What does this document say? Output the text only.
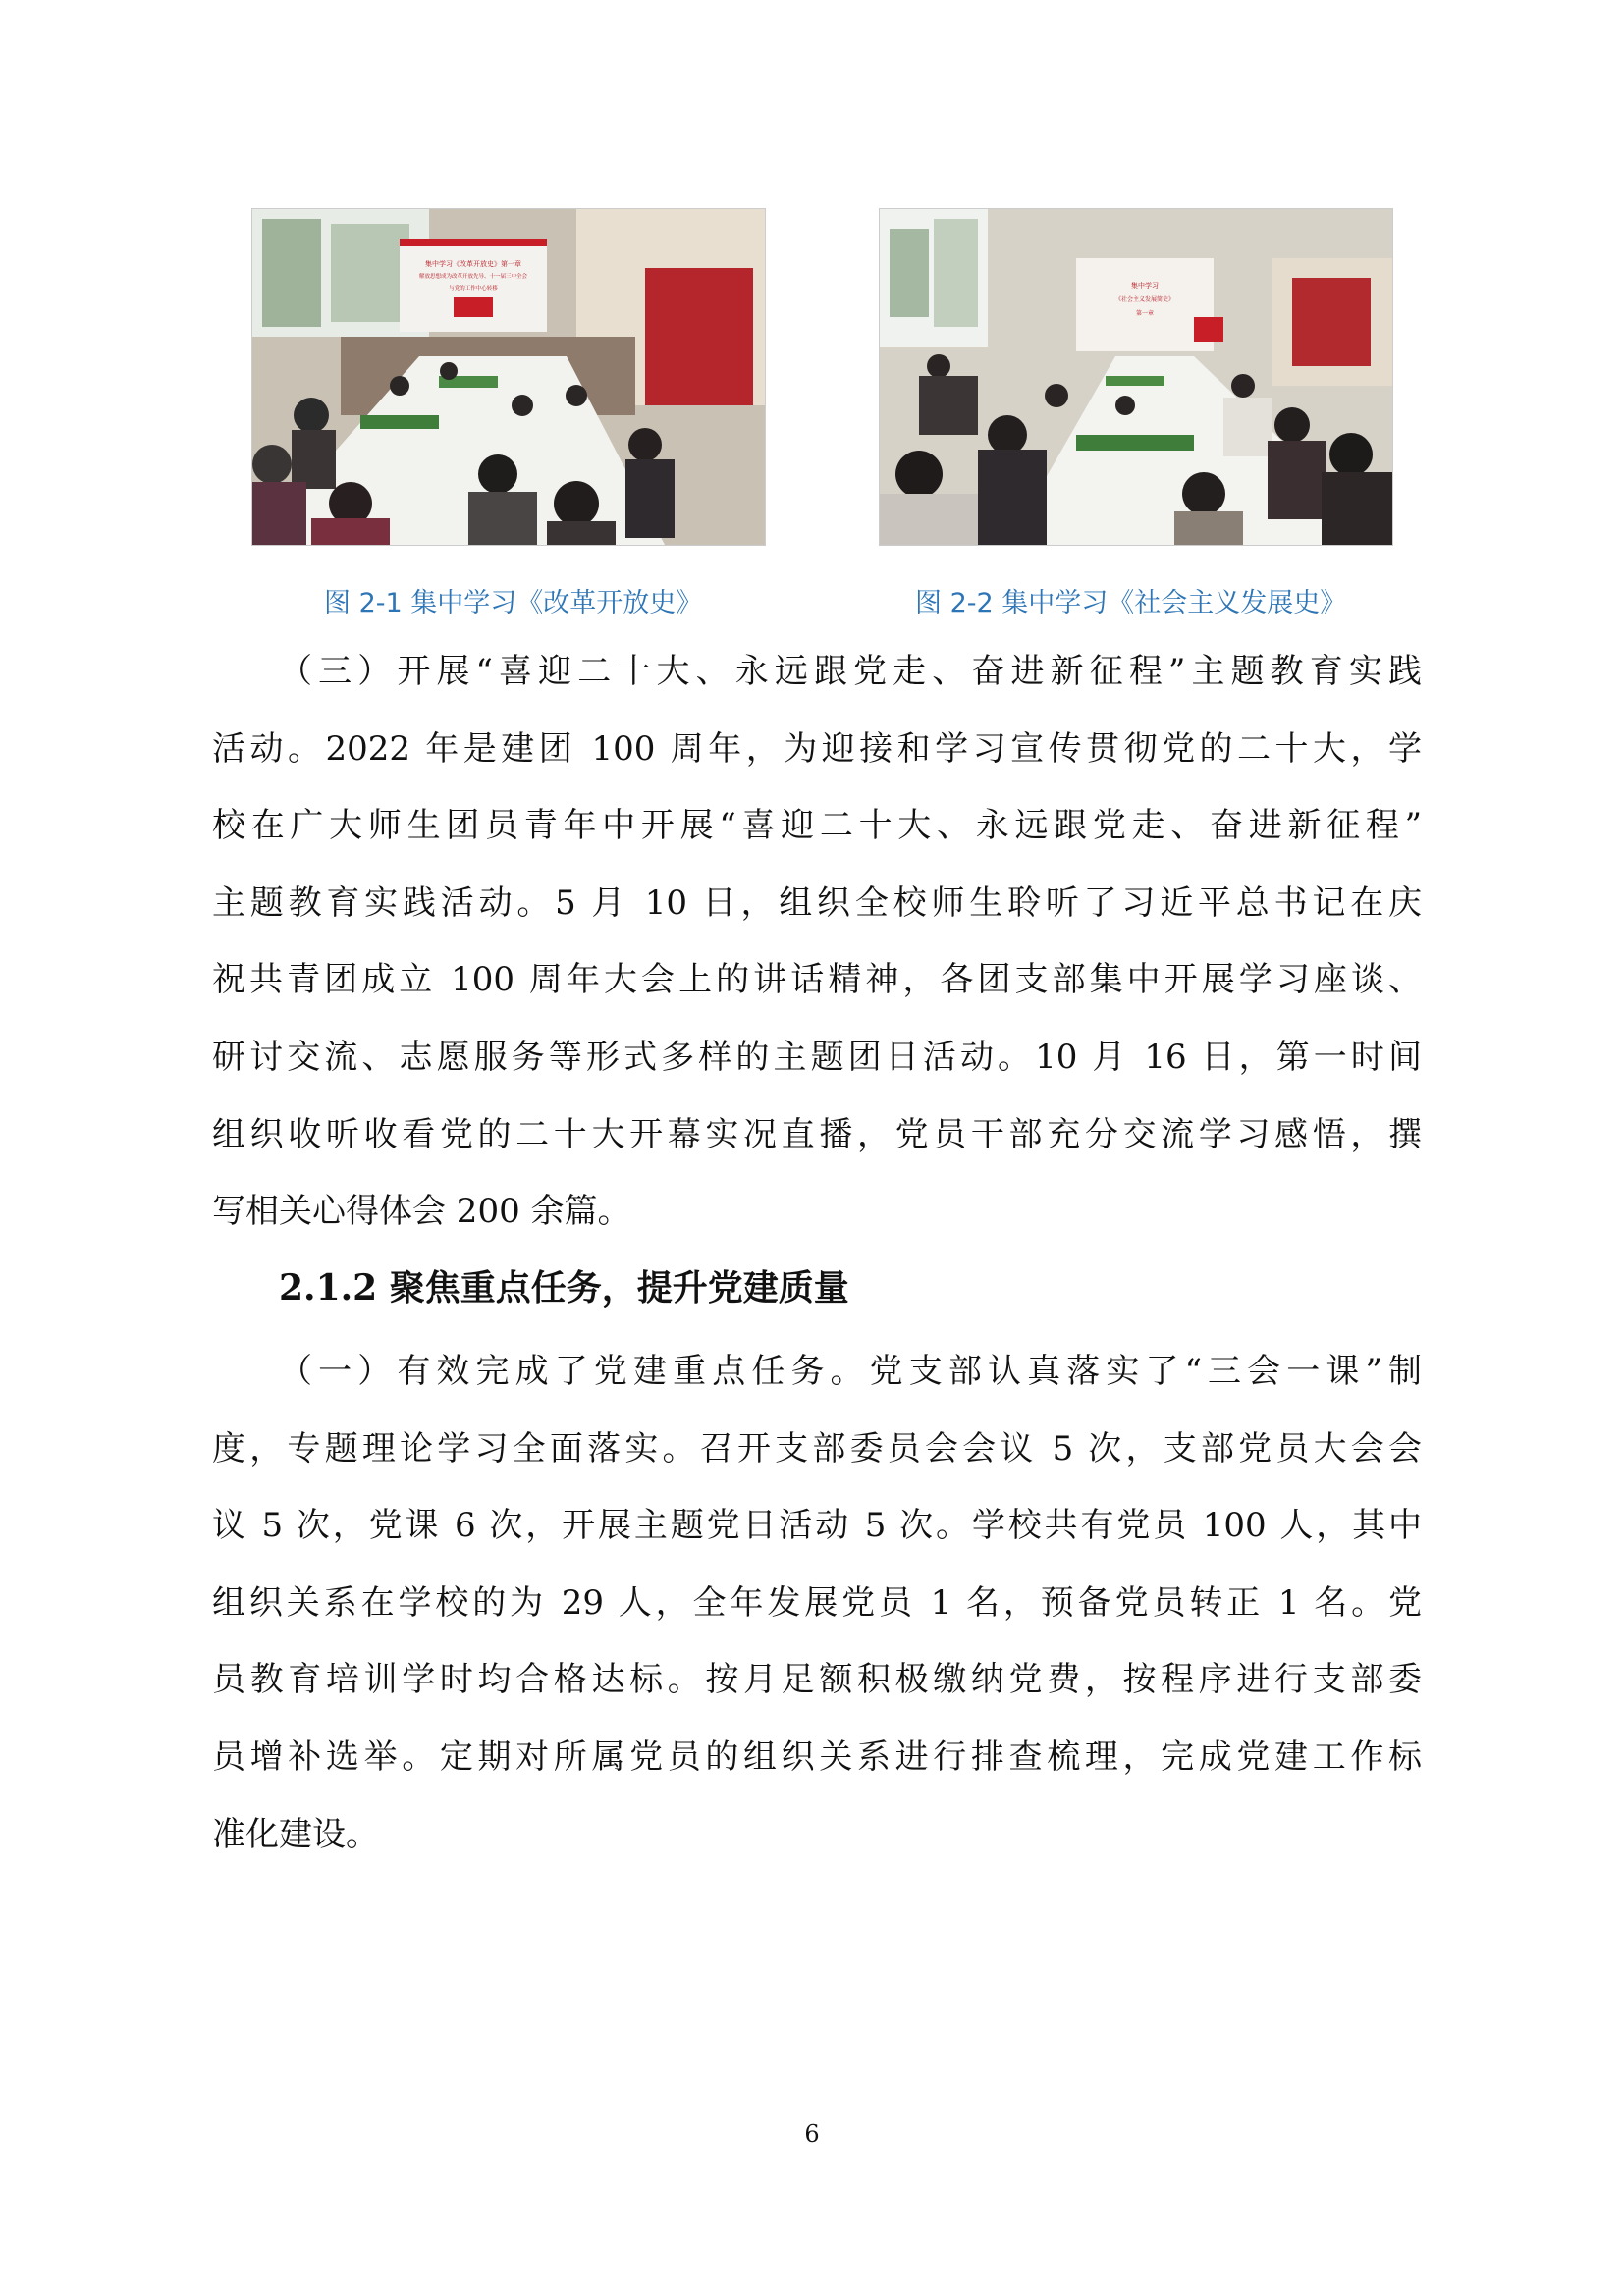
集中学习《改革开放史》第一章
解放思想成为改革开放先导、十一届三中全会
与党的工作中心转移	集中学习
《社会主义发展简史》
第一章
图 2-1 集中学习《改革开放史》	图 2-2 集中学习《社会主义发展史》
（三）开展“喜迎二十大、永远跟党走、奋进新征程”主题教育实践
活动。2022 年是建团 100 周年，为迎接和学习宣传贯彻党的二十大，学
校在广大师生团员青年中开展“喜迎二十大、永远跟党走、奋进新征程”
主题教育实践活动。5 月 10 日，组织全校师生聆听了习近平总书记在庆
祝共青团成立 100 周年大会上的讲话精神，各团支部集中开展学习座谈、
研讨交流、志愿服务等形式多样的主题团日活动。10 月 16 日，第一时间
组织收听收看党的二十大开幕实况直播，党员干部充分交流学习感悟，撰
写相关心得体会 200 余篇。
2.1.2 聚焦重点任务，提升党建质量
（一）有效完成了党建重点任务。党支部认真落实了“三会一课”制
度，专题理论学习全面落实。召开支部委员会会议 5 次，支部党员大会会
议 5 次，党课 6 次，开展主题党日活动 5 次。学校共有党员 100 人，其中
组织关系在学校的为 29 人，全年发展党员 1 名，预备党员转正 1 名。党
员教育培训学时均合格达标。按月足额积极缴纳党费，按程序进行支部委
员增补选举。定期对所属党员的组织关系进行排查梳理，完成党建工作标
准化建设。
6
